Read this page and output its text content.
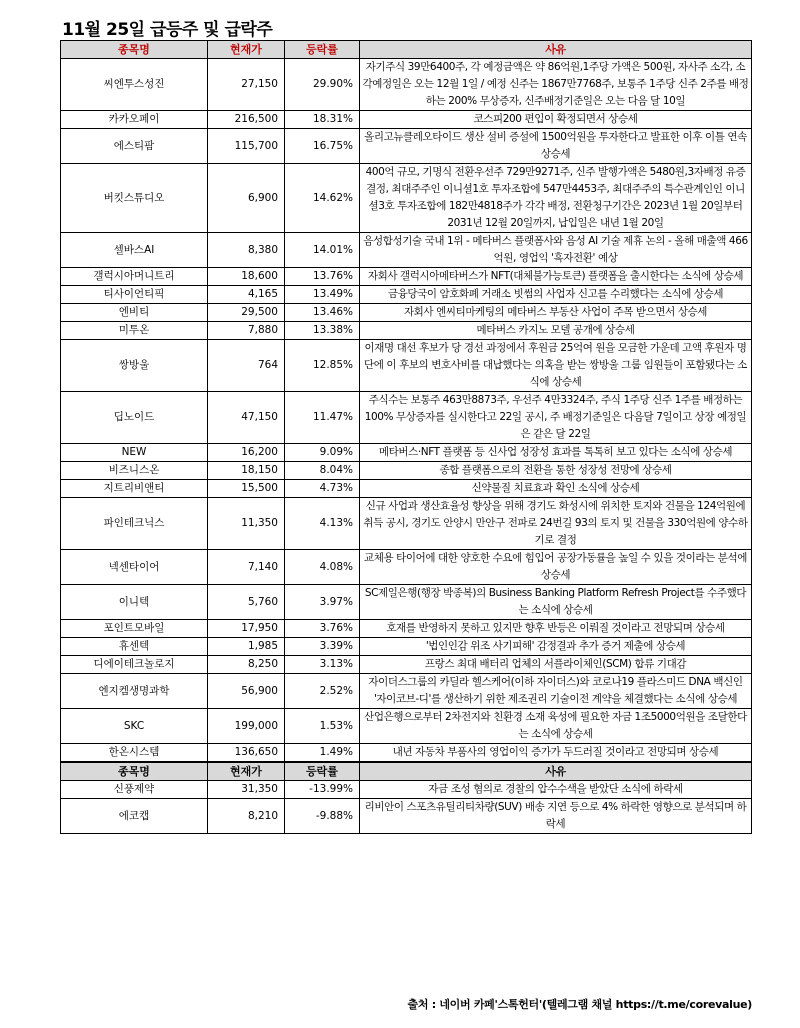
11월 25일 급등주 및 급락주
종목명	현재가	등락률	사유
씨엔투스성진	27,150	29.90%	자기주식 39만6400주, 각 예정금액은 약 86억원,1주당 가액은 500원, 자사주 소각, 소각예정일은 오는 12월 1일 / 예정 신주는 1867만7768주, 보통주 1주당 신주 2주를 배정하는 200% 무상증자, 신주배정기준일은 오는 다음 달 10일
카카오페이	216,500	18.31%	코스피200 편입이 확정되면서 상승세
에스티팜	115,700	16.75%	올리고뉴클레오타이드 생산 설비 증설에 1500억원을 투자한다고 발표한 이후 이틀 연속 상승세
버킷스튜디오	6,900	14.62%	400억 규모, 기명식 전환우선주 729만9271주, 신주 발행가액은 5480원,3자배정 유증 결정, 최대주주인 이니셜1호 투자조합에 547만4453주, 최대주주의 특수관계인인 이니셜3호 투자조합에 182만4818주가 각각 배정, 전환청구기간은 2023년 1월 20일부터 2031년 12월 20일까지, 납입일은 내년 1월 20일
셀바스AI	8,380	14.01%	음성합성기술 국내 1위 - 메타버스 플랫폼사와 음성 AI 기술 제휴 논의 - 올해 매출액 466억원, 영업익 '흑자전환' 예상
갤럭시아머니트리	18,600	13.76%	자회사 갤럭시아메타버스가 NFT(대체불가능토큰) 플랫폼을 출시한다는 소식에 상승세
티사이언티픽	4,165	13.49%	금융당국이 암호화폐 거래소 빗썸의 사업자 신고를 수리했다는 소식에 상승세
엔비티	29,500	13.46%	자회사 엔씨티마케팅의 메타버스 부동산 사업이 주목 받으면서 상승세
미투온	7,880	13.38%	메타버스 카지노 모델 공개에 상승세
쌍방울	764	12.85%	이재명 대선 후보가 당 경선 과정에서 후원금 25억여 원을 모금한 가운데 고액 후원자 명단에 이 후보의 변호사비를 대납했다는 의혹을 받는 쌍방울 그룹 임원들이 포함됐다는 소식에 상승세
딥노이드	47,150	11.47%	주식수는 보통주 463만8873주, 우선주 4만3324주, 주식 1주당 신주 1주를 배정하는 100% 무상증자를 실시한다고 22일 공시, 주 배정기준일은 다음달 7일이고 상장 예정일은 같은 달 22일
NEW	16,200	9.09%	메타버스·NFT 플랫폼 등 신사업 성장성 효과를 톡톡히 보고 있다는 소식에 상승세
비즈니스온	18,150	8.04%	종합 플랫폼으로의 전환을 통한 성장성 전망에 상승세
지트리비앤티	15,500	4.73%	신약물질 치료효과 확인 소식에 상승세
파인테크닉스	11,350	4.13%	신규 사업과 생산효율성 향상을 위해 경기도 화성시에 위치한 토지와 건물을 124억원에 취득 공시, 경기도 안양시 만안구 전파로 24번길 93의 토지 및 건물을 330억원에 양수하기로 결정
넥센타이어	7,140	4.08%	교체용 타이어에 대한 양호한 수요에 힘입어 공장가동률을 높일 수 있을 것이라는 분석에 상승세
이니텍	5,760	3.97%	SC제일은행(행장 박종복)의 Business Banking Platform Refresh Project를 수주했다는 소식에 상승세
포인트모바일	17,950	3.76%	호재를 반영하지 못하고 있지만 향후 반등은 이뤄질 것이라고 전망되며 상승세
휴센텍	1,985	3.39%	'법인인감 위조 사기피해' 감정결과 추가 증거 제출에 상승세
디에이테크놀로지	8,250	3.13%	프랑스 최대 배터리 업체의 서플라이체인(SCM) 합류 기대감
엔지켐생명과학	56,900	2.52%	자이더스그룹의 카딜라 헬스케어(이하 자이더스)와 코로나19 플라스미드 DNA 백신인 '자이코브-디'를 생산하기 위한 제조권리 기술이전 계약을 체결했다는 소식에 상승세
SKC	199,000	1.53%	산업은행으로부터 2차전지와 친환경 소재 육성에 필요한 자금 1조5000억원을 조달한다는 소식에 상승세
한온시스템	136,650	1.49%	내년 자동차 부품사의 영업이익 증가가 두드러질 것이라고 전망되며 상승세
종목명	현재가	등락률	사유
신풍제약	31,350	-13.99%	자금 조성 혐의로 경찰의 압수수색을 받았단 소식에 하락세
에코캡	8,210	-9.88%	리비안이 스포츠유틸리티차량(SUV) 배송 지연 등으로 4% 하락한 영향으로 분석되며 하락세
출처 : 네이버 카페'스톡헌터'(텔레그램 채널 https://t.me/corevalue)
